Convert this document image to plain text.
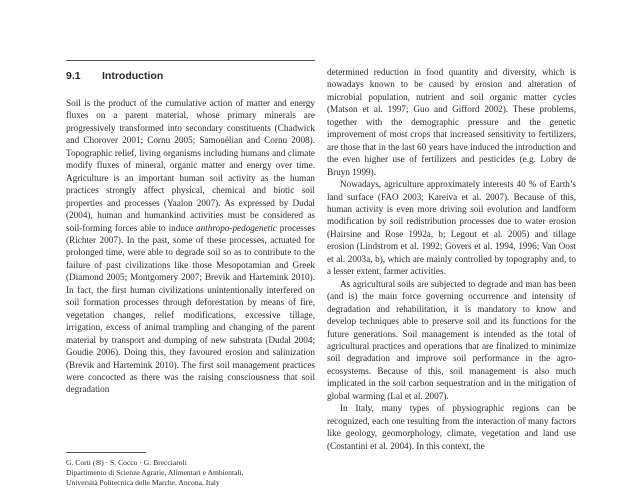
9.1 Introduction

Soil is the product of the cumulative action of matter and energy fluxes on a parent material, whose primary minerals are progressively transformed into secondary constituents (Chadwick and Chorover 2001; Cornu 2005; Samouëlian and Cornu 2008). Topographic relief, living organisms including humans and climate modify fluxes of mineral, organic matter and energy over time. Agriculture is an important human soil activity as the human practices strongly affect physical, chemical and biotic soil properties and processes (Yaalon 2007). As expressed by Dudal (2004), human and humankind activities must be considered as soil-forming forces able to induce anthropo-pedogenetic processes (Richter 2007). In the past, some of these processes, actuated for prolonged time, were able to degrade soil so as to contribute to the failure of past civilizations like those Mesopotamian and Greek (Diamond 2005; Montgomery 2007; Brevik and Hartemink 2010). In fact, the first human civilizations unintentionally interfered on soil formation processes through deforestation by means of fire, vegetation changes, relief modifications, excessive tillage, irrigation, excess of animal trampling and changing of the parent material by transport and dumping of new substrata (Dudal 2004; Goudie 2006). Doing this, they favoured erosion and salinization (Brevik and Hartemink 2010). The first soil management practices were concocted as there was the raising consciousness that soil degradation

determined reduction in food quantity and diversity, which is nowadays known to be caused by erosion and alteration of microbial population, nutrient and soil organic matter cycles (Matson et al. 1997; Guo and Gifford 2002). These problems, together with the demographic pressure and the genetic improvement of most crops that increased sensitivity to fertilizers, are those that in the last 60 years have induced the introduction and the even higher use of fertilizers and pesticides (e.g. Lobry de Bruyn 1999).

Nowadays, agriculture approximately interests 40 % of Earth’s land surface (FAO 2003; Kareiva et al. 2007). Because of this, human activity is even more driving soil evolution and landform modification by soil redistribution processes due to water erosion (Hairsine and Rose 1992a, b; Legout et al. 2005) and tillage erosion (Lindstrom et al. 1992; Govers et al. 1994, 1996; Van Oost et al. 2003a, b), which are mainly controlled by topography and, to a lesser extent, farmer activities.

As agricultural soils are subjected to degrade and man has been (and is) the main force governing occurrence and intensity of degradation and rehabilitation, it is mandatory to know and develop techniques able to preserve soil and its functions for the future generations. Soil management is intended as the total of agricultural practices and operations that are finalized to minimize soil degradation and improve soil performance in the agro-ecosystems. Because of this, soil management is also much implicated in the soil carbon sequestration and in the mitigation of global warming (Lal et al. 2007).

In Italy, many types of physiographic regions can be recognized, each one resulting from the interaction of many factors like geology, geomorphology, climate, vegetation and land use (Costantini et al. 2004). In this context, the

G. Corti (✉) · S. Cocco · G. Brecciaroli
Dipartimento di Scienze Agrarie, Alimentari e Ambientali,
Università Politecnica delle Marche, Ancona, Italy
